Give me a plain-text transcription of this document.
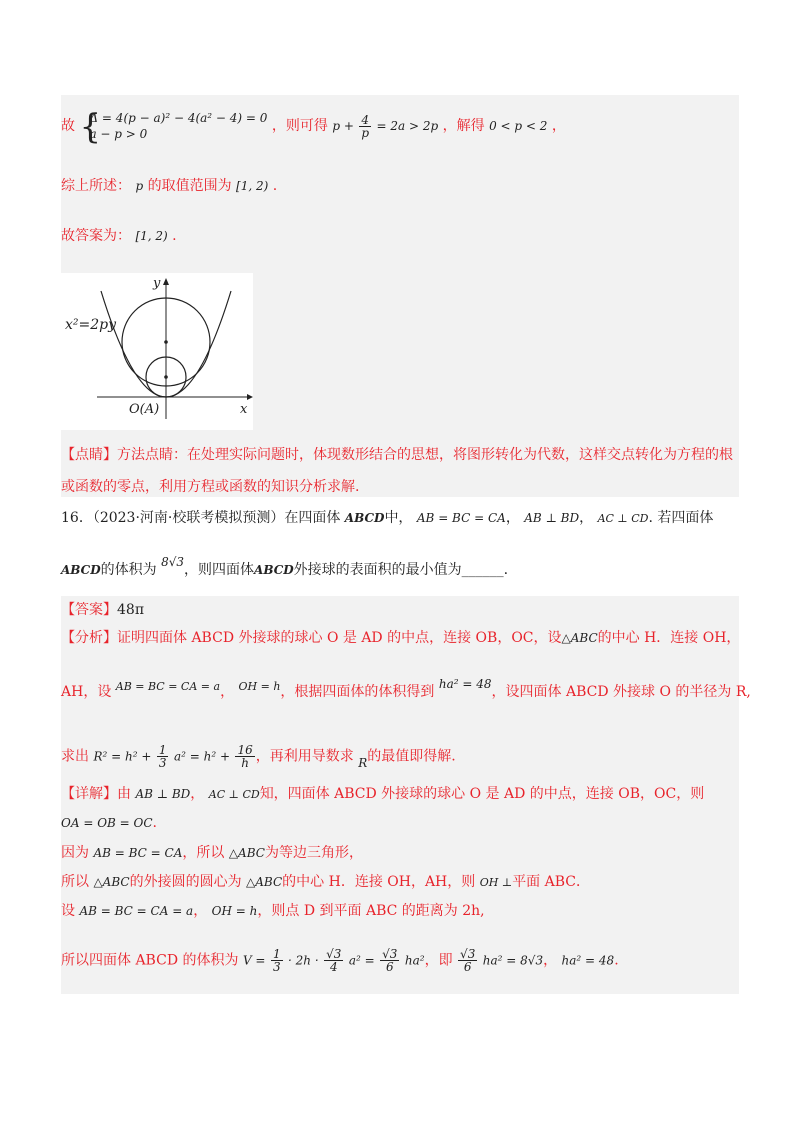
故 {
Δ = 4(p − a)² − 4(a² − 4) = 0
a − p > 0	，则可得 $p + \frac{4}{p} = 2a > 2p$ ，解得 0 < p < 2 ，
综上所述： p 的取值范围为 [1, 2) .
故答案为： [1, 2) .
x²=2py
x
y
O(A)
【点睛】方法点睛：在处理实际问题时，体现数形结合的思想，将图形转化为代数，这样交点转化为方程的根
或函数的零点，利用方程或函数的知识分析求解.
16．（2023·河南·校联考模拟预测）在四面体 ABCD中， AB = BC = CA， AB ⊥ BD， AC ⊥ CD. 若四面体
ABCD的体积为 8√3，则四面体ABCD外接球的表面积的最小值为______.
【答案】48π
【分析】证明四面体 ABCD 外接球的球心 O 是 AD 的中点，连接 OB，OC，设△ABC的中心 H．连接 OH，
AH，设 $^{AB = BC = CA = a}$， $^{OH = h}$，根据四面体的体积得到 ha² = 48，设四面体 ABCD 外接球 O 的半径为 R,
求出 $R^2 = h^2 + \frac{1}{3} a^2 = h^2 + \frac{16}{h}$ ，再利用导数求 R的最值即得解.
【详解】由 AB ⊥ BD， AC ⊥ CD知，四面体 ABCD 外接球的球心 O 是 AD 的中点，连接 OB，OC，则
OA = OB = OC.
因为 AB = BC = CA，所以 △ABC为等边三角形，
所以 △ABC的外接圆的圆心为 △ABC的中心 H．连接 OH，AH，则 OH ⊥平面 ABC．
设 AB = BC = CA = a， OH = h，则点 D 到平面 ABC 的距离为 2h,
所以四面体 ABCD 的体积为 $V = \frac{1}{3} \cdot 2h \cdot \frac{√3}{4} a^2 = \frac{√3}{6} ha^2$，即 $\frac{√3}{6} ha^2 = 8√3$， ha² = 48.
